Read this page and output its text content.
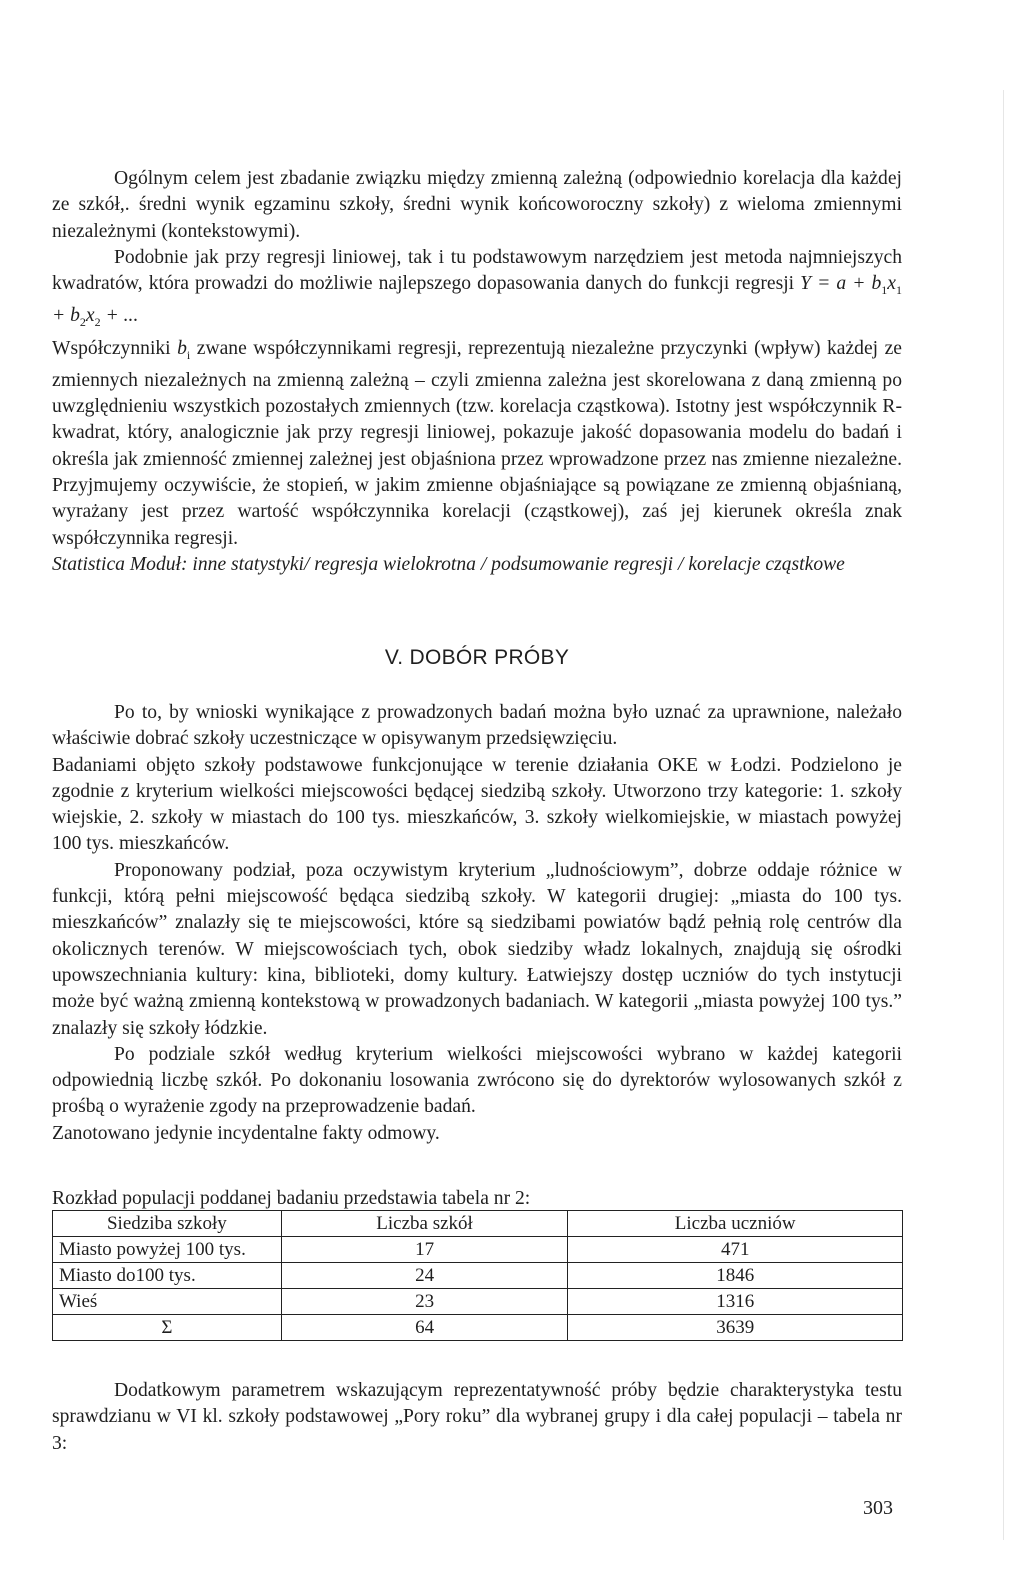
Ogólnym celem jest zbadanie związku między zmienną zależną (odpowiednio korelacja dla każdej ze szkół,. średni wynik egzaminu szkoły, średni wynik końcoworoczny szkoły) z wieloma zmiennymi niezależnymi (kontekstowymi).

Podobnie jak przy regresji liniowej, tak i tu podstawowym narzędziem jest metoda najmniejszych kwadratów, która prowadzi do możliwie najlepszego dopasowania danych do funkcji regresji $Y = a + b_1x_1 + b_2x_2$ + ...

Współczynniki $b_i$ zwane współczynnikami regresji, reprezentują niezależne przyczynki (wpływ) każdej ze zmiennych niezależnych na zmienną zależną – czyli zmienna zależna jest skorelowana z daną zmienną po uwzględnieniu wszystkich pozostałych zmiennych (tzw. korelacja cząstkowa). Istotny jest współczynnik R-kwadrat, który, analogicznie jak przy regresji liniowej, pokazuje jakość dopasowania modelu do badań i określa jak zmienność zmiennej zależnej jest objaśniona przez wprowadzone przez nas zmienne niezależne. Przyjmujemy oczywiście, że stopień, w jakim zmienne objaśniające są powiązane ze zmienną objaśnianą, wyrażany jest przez wartość współczynnika korelacji (cząstkowej), zaś jej kierunek określa znak współczynnika regresji.

Statistica Moduł: inne statystyki/ regresja wielokrotna / podsumowanie regresji / korelacje cząstkowe

V. DOBÓR PRÓBY

Po to, by wnioski wynikające z prowadzonych badań można było uznać za uprawnione, należało właściwie dobrać szkoły uczestniczące w opisywanym przedsięwzięciu.

Badaniami objęto szkoły podstawowe funkcjonujące w terenie działania OKE w Łodzi. Podzielono je zgodnie z kryterium wielkości miejscowości będącej siedzibą szkoły. Utworzono trzy kategorie: 1. szkoły wiejskie, 2. szkoły w miastach do 100 tys. mieszkańców, 3. szkoły wielkomiejskie, w miastach powyżej 100 tys. mieszkańców.

Proponowany podział, poza oczywistym kryterium „ludnościowym”, dobrze oddaje różnice w funkcji, którą pełni miejscowość będąca siedzibą szkoły. W kategorii drugiej: „miasta do 100 tys. mieszkańców” znalazły się te miejscowości, które są siedzibami powiatów bądź pełnią rolę centrów dla okolicznych terenów. W miejscowościach tych, obok siedziby władz lokalnych, znajdują się ośrodki upowszechniania kultury: kina, biblioteki, domy kultury. Łatwiejszy dostęp uczniów do tych instytucji może być ważną zmienną kontekstową w prowadzonych badaniach. W kategorii „miasta powyżej 100 tys.” znalazły się szkoły łódzkie.

Po podziale szkół według kryterium wielkości miejscowości wybrano w każdej kategorii odpowiednią liczbę szkół. Po dokonaniu losowania zwrócono się do dyrektorów wylosowanych szkół z prośbą o wyrażenie zgody na przeprowadzenie badań.

Zanotowano jedynie incydentalne fakty odmowy.

Rozkład populacji poddanej badaniu przedstawia tabela nr 2:

Siedziba szkoły	Liczba szkół	Liczba uczniów
Miasto powyżej 100 tys.	17	471
Miasto do100 tys.	24	1846
Wieś	23	1316
Σ	64	3639

Dodatkowym parametrem wskazującym reprezentatywność próby będzie charakterystyka testu sprawdzianu w VI kl. szkoły podstawowej „Pory roku” dla wybranej grupy i dla całej populacji – tabela nr 3:

303
